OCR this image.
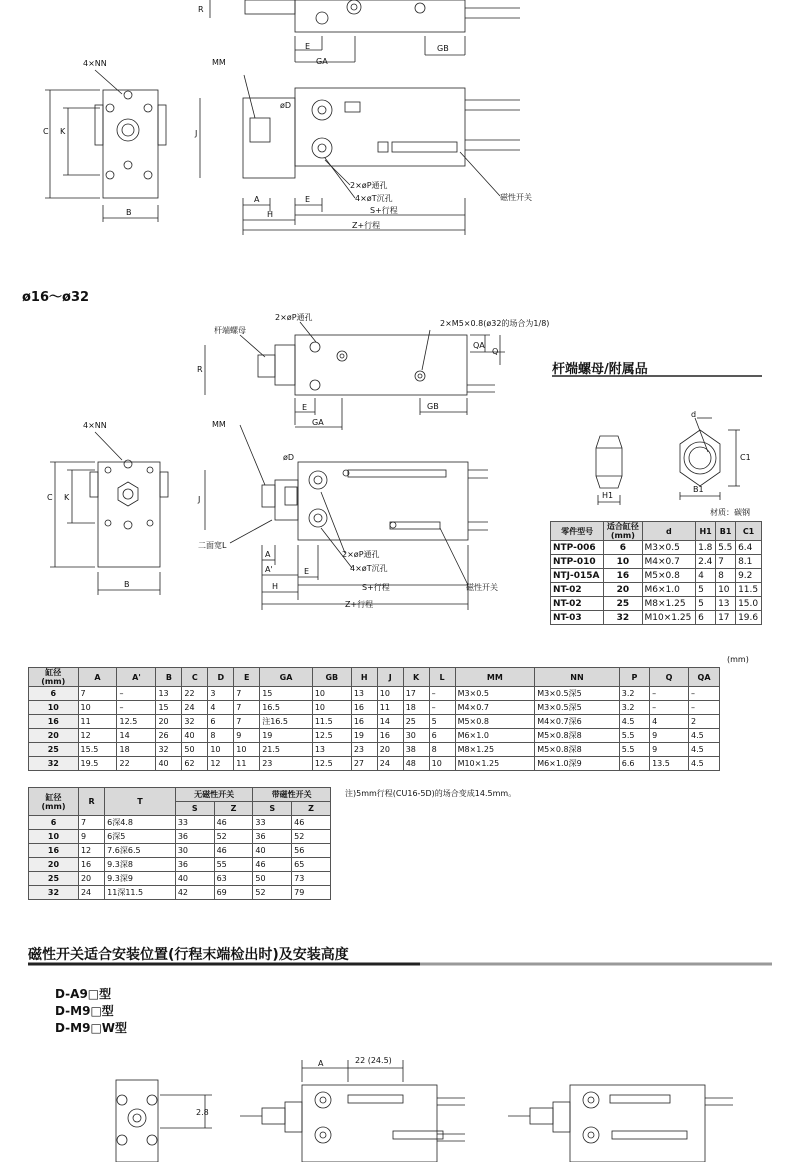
R
E
GA
GB
4×NN
C K
B
MM
øD
J
A
H
E
2×øP通孔
4×øT沉孔
S+行程
Z+行程
磁性开关
2×øP通孔
杆端螺母
2×M5×0.8(ø32的场合为1/8)
QA
Q
R
E
GA
GB
4×NN
C K
B
MM
øD
J
二面宽L
A
A'
H
E
2×øP通孔
4×øT沉孔
S+行程
Z+行程
磁性开关
d
H1
B1
C1
材质：碳钢
A	22 (24.5)
2.8
ø16～ø32
杆端螺母/附属品
零件型号	适合缸径
(mm)	d	H1	B1	C1
NTP-006	6	M3×0.5	1.8	5.5	6.4
NTP-010	10	M4×0.7	2.4	7	8.1
NTJ-015A	16	M5×0.8	4	8	9.2
NT-02	20	M6×1.0	5	10	11.5
NT-02	25	M8×1.25	5	13	15.0
NT-03	32	M10×1.25	6	17	19.6
(mm)
缸径
(mm)	A	A'	B	C	D	E	GA	GB	H	J	K	L	MM	NN	P	Q	QA
6	7	–	13	22	3	7	15	10	13	10	17	–	M3×0.5	M3×0.5深5	3.2	–	–
10	10	–	15	24	4	7	16.5	10	16	11	18	–	M4×0.7	M3×0.5深5	3.2	–	–
16	11	12.5	20	32	6	7	注16.5	11.5	16	14	25	5	M5×0.8	M4×0.7深6	4.5	4	2
20	12	14	26	40	8	9	19	12.5	19	16	30	6	M6×1.0	M5×0.8深8	5.5	9	4.5
25	15.5	18	32	50	10	10	21.5	13	23	20	38	8	M8×1.25	M5×0.8深8	5.5	9	4.5
32	19.5	22	40	62	12	11	23	12.5	27	24	48	10	M10×1.25	M6×1.0深9	6.6	13.5	4.5
缸径
(mm)	R	T	无磁性开关		带磁性开关	
			S	Z	S	Z
6	7	6深4.8	33	46	33	46
10	9	6深5	36	52	36	52
16	12	7.6深6.5	30	46	40	56
20	16	9.3深8	36	55	46	65
25	20	9.3深9	40	63	50	73
32	24	11深11.5	42	69	52	79
注)5mm行程(CU16-5D)的场合变成14.5mm。
磁性开关适合安装位置(行程末端检出时)及安装高度
D-A9□型
D-M9□型
D-M9□W型
